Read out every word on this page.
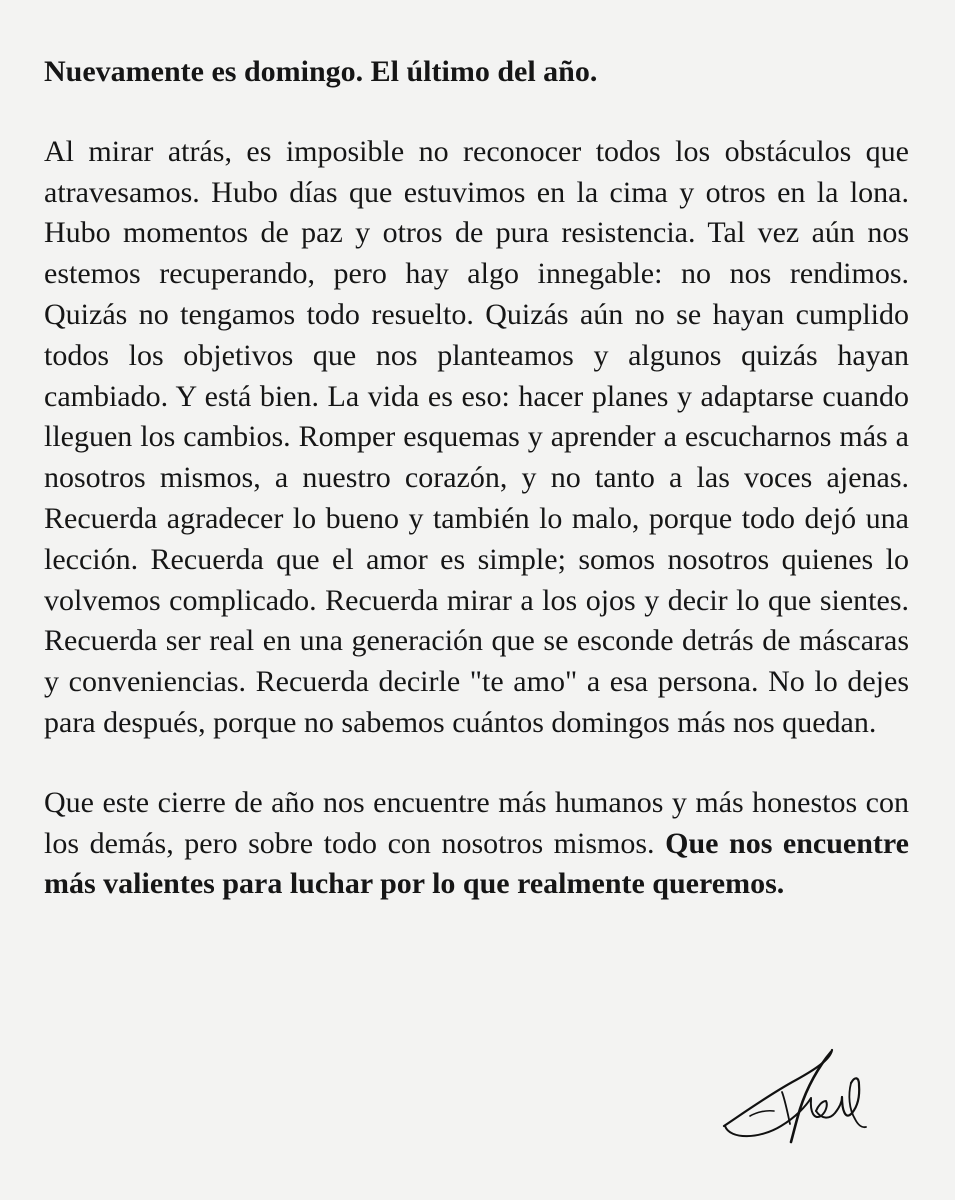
Nuevamente es domingo. El último del año.
Al mirar atrás, es imposible no reconocer todos los obstáculos que atravesamos. Hubo días que estuvimos en la cima y otros en la lona. Hubo momentos de paz y otros de pura resistencia. Tal vez aún nos estemos recuperando, pero hay algo innegable: no nos rendimos. Quizás no tengamos todo resuelto. Quizás aún no se hayan cumplido todos los objetivos que nos planteamos y algunos quizás hayan cambiado. Y está bien. La vida es eso: hacer planes y adaptarse cuando lleguen los cambios. Romper esquemas y aprender a escucharnos más a nosotros mismos, a nuestro corazón, y no tanto a las voces ajenas. Recuerda agradecer lo bueno y también lo malo, porque todo dejó una lección. Recuerda que el amor es simple; somos nosotros quienes lo volvemos complicado. Recuerda mirar a los ojos y decir lo que sientes. Recuerda ser real en una generación que se esconde detrás de máscaras y conveniencias. Recuerda decirle "te amo" a esa persona. No lo dejes para después, porque no sabemos cuántos domingos más nos quedan.
Que este cierre de año nos encuentre más humanos y más honestos con los demás, pero sobre todo con nosotros mismos. Que nos encuentre más valientes para luchar por lo que realmente queremos.
